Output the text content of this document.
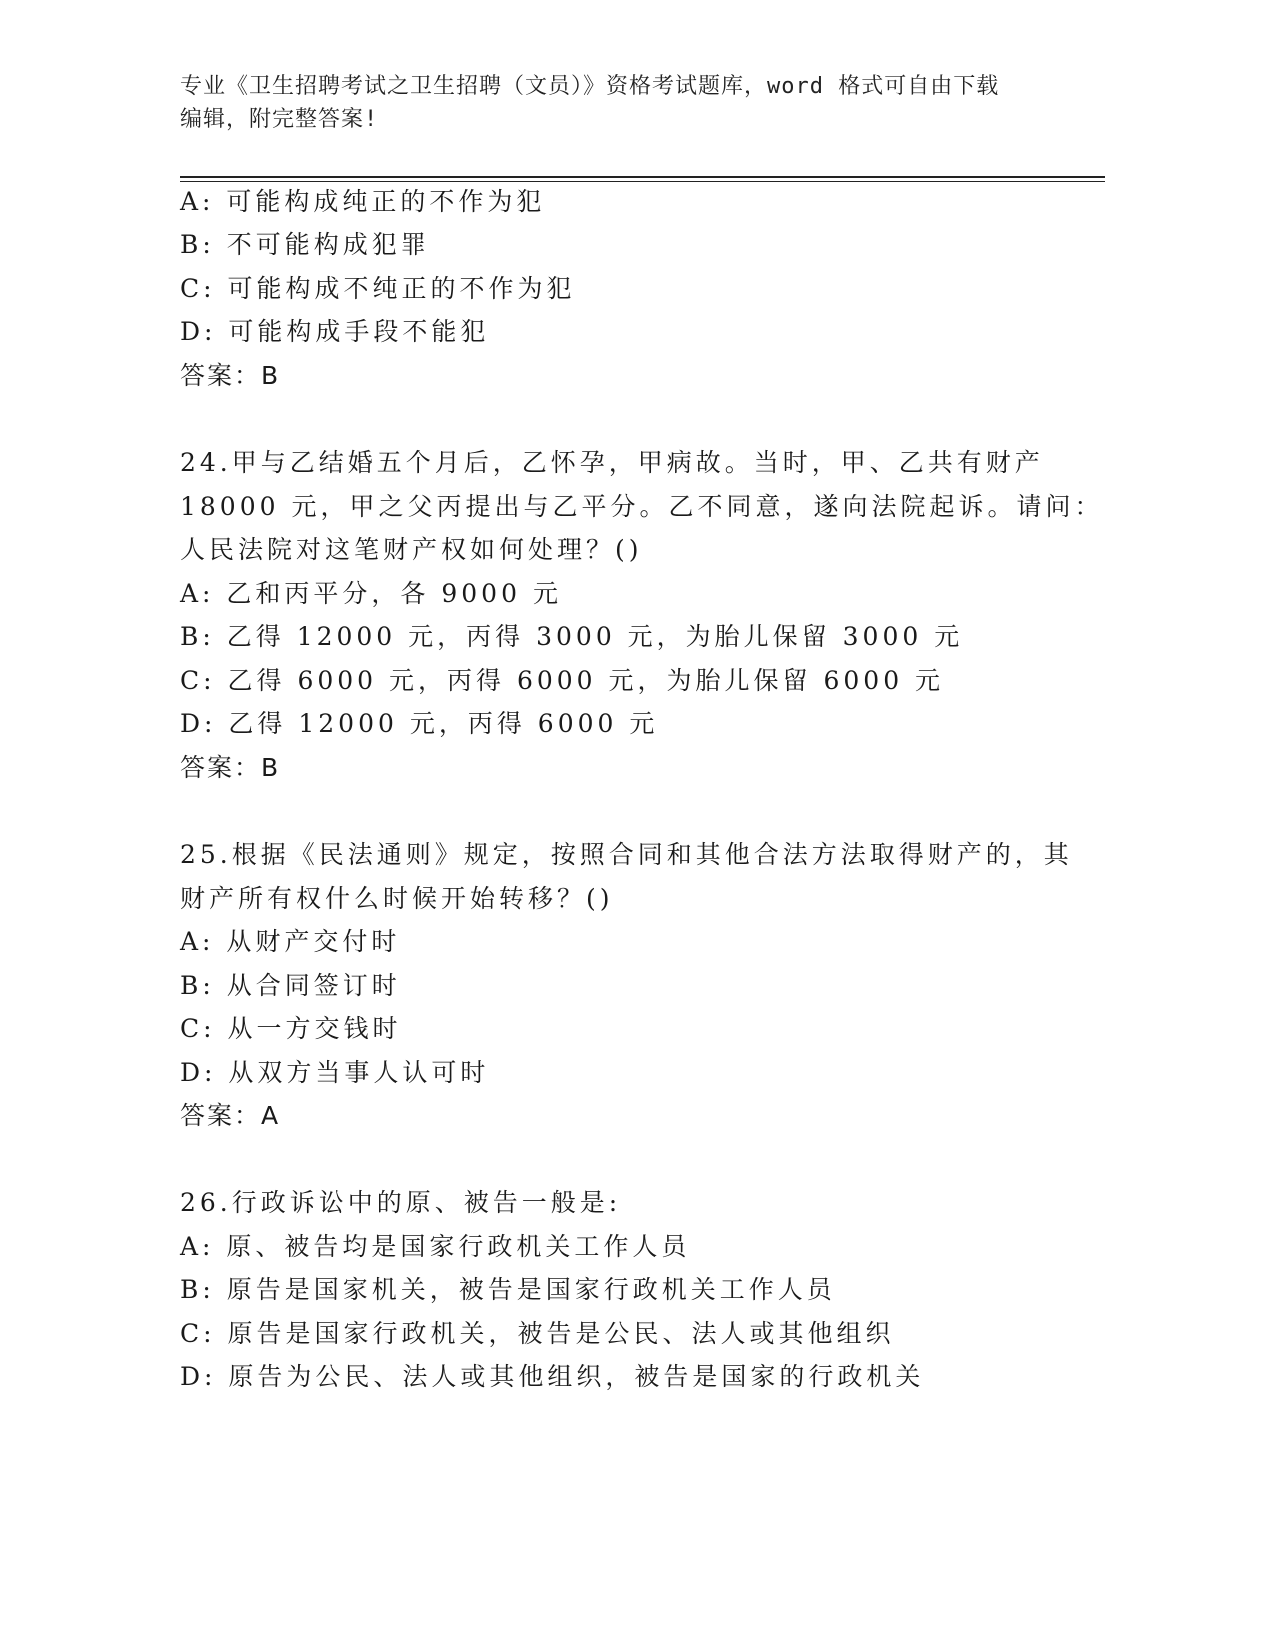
专业《卫生招聘考试之卫生招聘（文员）》资格考试题库，word 格式可自由下载
编辑，附完整答案!
A: 可能构成纯正的不作为犯
B: 不可能构成犯罪
C: 可能构成不纯正的不作为犯
D: 可能构成手段不能犯
答案：B
24.甲与乙结婚五个月后，乙怀孕，甲病故。当时，甲、乙共有财产
18000 元，甲之父丙提出与乙平分。乙不同意，遂向法院起诉。请问：
人民法院对这笔财产权如何处理？()
A: 乙和丙平分，各 9000 元
B: 乙得 12000 元，丙得 3000 元，为胎儿保留 3000 元
C: 乙得 6000 元，丙得 6000 元，为胎儿保留 6000 元
D: 乙得 12000 元，丙得 6000 元
答案：B
25.根据《民法通则》规定，按照合同和其他合法方法取得财产的，其
财产所有权什么时候开始转移？()
A: 从财产交付时
B: 从合同签订时
C: 从一方交钱时
D: 从双方当事人认可时
答案：A
26.行政诉讼中的原、被告一般是:
A: 原、被告均是国家行政机关工作人员
B: 原告是国家机关，被告是国家行政机关工作人员
C: 原告是国家行政机关，被告是公民、法人或其他组织
D: 原告为公民、法人或其他组织，被告是国家的行政机关
